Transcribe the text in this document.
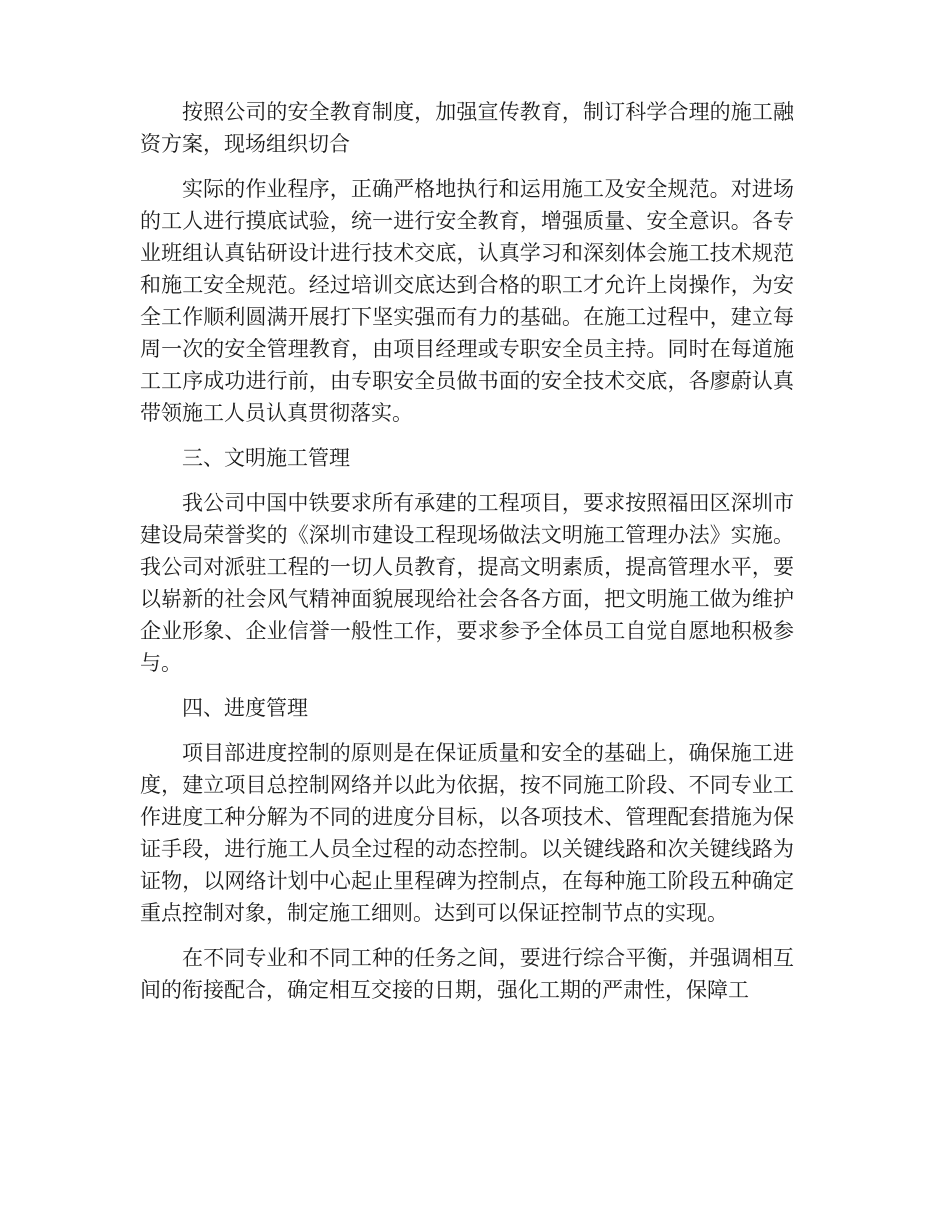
按照公司的安全教育制度，加强宣传教育，制订科学合理的施工融资方案，现场组织切合

实际的作业程序，正确严格地执行和运用施工及安全规范。对进场的工人进行摸底试验，统一进行安全教育，增强质量、安全意识。各专业班组认真钻研设计进行技术交底，认真学习和深刻体会施工技术规范和施工安全规范。经过培训交底达到合格的职工才允许上岗操作，为安全工作顺利圆满开展打下坚实强而有力的基础。在施工过程中，建立每周一次的安全管理教育，由项目经理或专职安全员主持。同时在每道施工工序成功进行前，由专职安全员做书面的安全技术交底，各廖蔚认真带领施工人员认真贯彻落实。

三、文明施工管理

我公司中国中铁要求所有承建的工程项目，要求按照福田区深圳市建设局荣誉奖的《深圳市建设工程现场做法文明施工管理办法》实施。我公司对派驻工程的一切人员教育，提高文明素质，提高管理水平，要以崭新的社会风气精神面貌展现给社会各各方面，把文明施工做为维护企业形象、企业信誉一般性工作，要求参予全体员工自觉自愿地积极参与。

四、进度管理

项目部进度控制的原则是在保证质量和安全的基础上，确保施工进度，建立项目总控制网络并以此为依据，按不同施工阶段、不同专业工作进度工种分解为不同的进度分目标，以各项技术、管理配套措施为保证手段，进行施工人员全过程的动态控制。以关键线路和次关键线路为证物，以网络计划中心起止里程碑为控制点，在每种施工阶段五种确定重点控制对象，制定施工细则。达到可以保证控制节点的实现。

在不同专业和不同工种的任务之间，要进行综合平衡，并强调相互间的衔接配合，确定相互交接的日期，强化工期的严肃性，保障工
